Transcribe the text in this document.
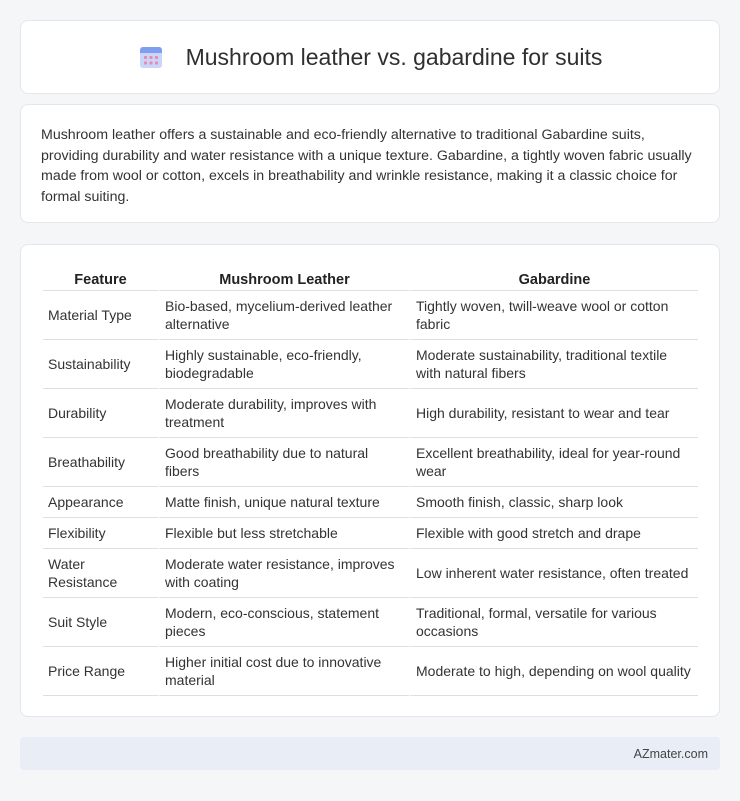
Mushroom leather vs. gabardine for suits

Mushroom leather offers a sustainable and eco-friendly alternative to traditional Gabardine suits, providing durability and water resistance with a unique texture. Gabardine, a tightly woven fabric usually made from wool or cotton, excels in breathability and wrinkle resistance, making it a classic choice for formal suiting.

Feature	Mushroom Leather	Gabardine
Material Type	Bio-based, mycelium-derived leather alternative	Tightly woven, twill-weave wool or cotton fabric
Sustainability	Highly sustainable, eco-friendly, biodegradable	Moderate sustainability, traditional textile with natural fibers
Durability	Moderate durability, improves with treatment	High durability, resistant to wear and tear
Breathability	Good breathability due to natural fibers	Excellent breathability, ideal for year-round wear
Appearance	Matte finish, unique natural texture	Smooth finish, classic, sharp look
Flexibility	Flexible but less stretchable	Flexible with good stretch and drape
Water Resistance	Moderate water resistance, improves with coating	Low inherent water resistance, often treated
Suit Style	Modern, eco-conscious, statement pieces	Traditional, formal, versatile for various occasions
Price Range	Higher initial cost due to innovative material	Moderate to high, depending on wool quality
AZmater.com
